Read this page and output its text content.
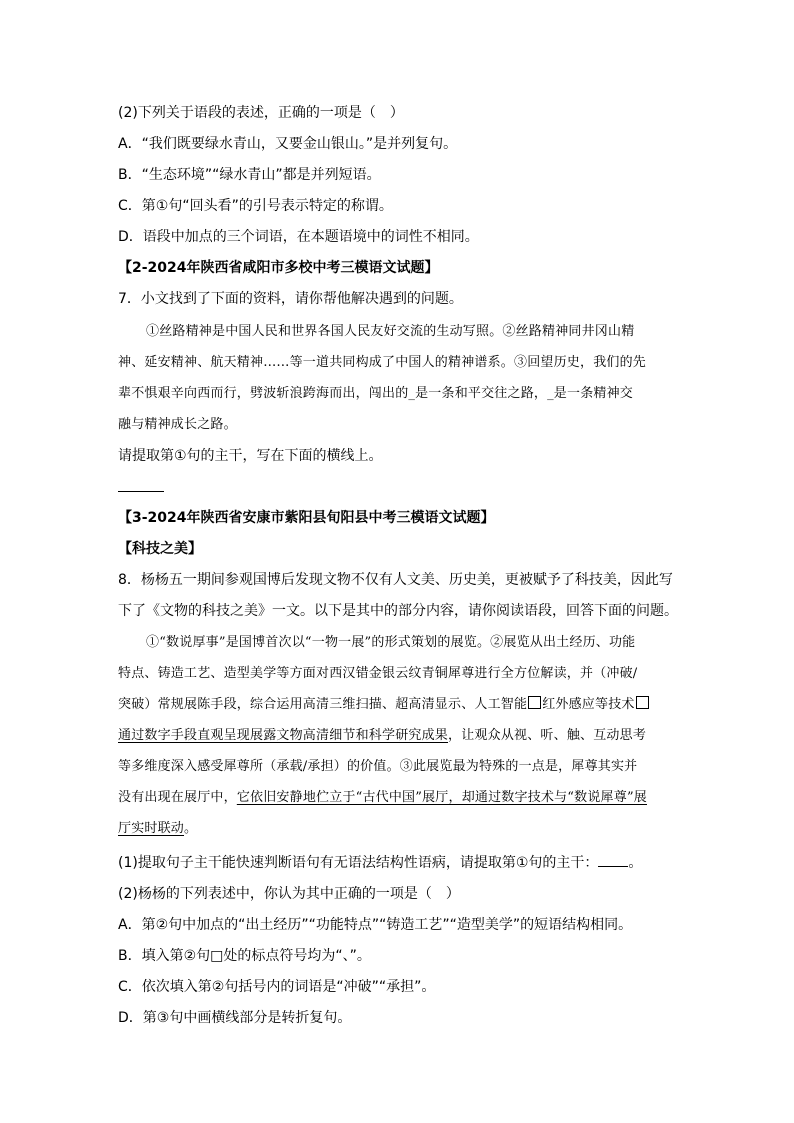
(2)下列关于语段的表述，正确的一项是（　）
A．“我们既要绿水青山，又要金山银山。”是并列复句。
B．“生态环境”“绿水青山”都是并列短语。
C．第①句“回头看”的引号表示特定的称谓。
D．语段中加点的三个词语，在本题语境中的词性不相同。
【2-2024年陕西省咸阳市多校中考三模语文试题】
7．小文找到了下面的资料，请你帮他解决遇到的问题。
①丝路精神是中国人民和世界各国人民友好交流的生动写照。②丝路精神同井冈山精
神、延安精神、航天精神……等一道共同构成了中国人的精神谱系。③回望历史，我们的先
辈不惧艰辛向西而行，劈波斩浪跨海而出，闯出的_是一条和平交往之路，_是一条精神交
融与精神成长之路。
请提取第①句的主干，写在下面的横线上。
【3-2024年陕西省安康市紫阳县旬阳县中考三模语文试题】
【科技之美】
8．杨杨五一期间参观国博后发现文物不仅有人文美、历史美，更被赋予了科技美，因此写
下了《文物的科技之美》一文。以下是其中的部分内容，请你阅读语段，回答下面的问题。
①“数说厚事”是国博首次以“一物一展”的形式策划的展览。②展览从出土经历、功能
特点、铸造工艺、造型美学等方面对西汉错金银云纹青铜犀尊进行全方位解读，并（冲破/
突破）常规展陈手段，综合运用高清三维扫描、超高清显示、人工智能 红外感应等技术
通过数字手段直观呈现展露文物高清细节和科学研究成果，让观众从视、听、触、互动思考
等多维度深入感受犀尊所（承载/承担）的价值。③此展览最为特殊的一点是，犀尊其实并
没有出现在展厅中，它依旧安静地伫立于“古代中国”展厅，却通过数字技术与“数说犀尊”展
厅实时联动。
(1)提取句子主干能快速判断语句有无语法结构性语病，请提取第①句的主干： 。
(2)杨杨的下列表述中，你认为其中正确的一项是（　）
A．第②句中加点的“出土经历”“功能特点”“铸造工艺”“造型美学”的短语结构相同。
B．填入第②句□处的标点符号均为“、”。
C．依次填入第②句括号内的词语是“冲破”“承担”。
D．第③句中画横线部分是转折复句。
